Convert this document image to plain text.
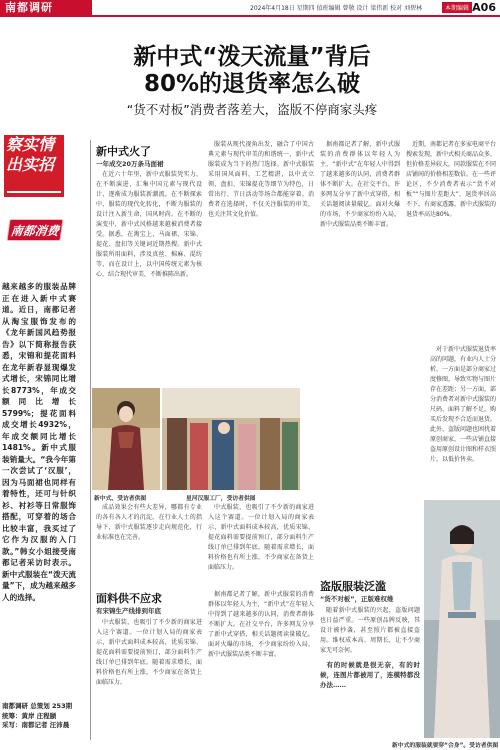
南都调研	2024年4月18日 星期四 值班编辑 曾敬 设计 梁伟新 校对 刘碧林	本期编辑 A06
新中式“泼天流量”背后
80%的退货率怎么破
“货不对板”消费者落差大，盗版不停商家头疼
察实情
出实招
南都消费
越来越多的服装品牌正在进入新中式赛道。近日，南都记者从淘宝服饰发布的《龙年新国风趋势报告》以下简称报告获悉，宋锦和提花面料在龙年新春显现爆发式增长，宋锦同比增长8773%，年成交额同比增长5799%；提花面料成交增长4932%，年成交额同比增长1481%。新中式服装销量大。“我今年第一次尝试了‘汉服’，因为马面裙也同样有着特性，还可与针织衫、衬衫等日常服饰搭配，可穿着的场合比较丰富，我买过了它作为汉服的入门款。”韩女小姐接受南都记者采访时表示。新中式服装在“泼天流量”下，成为越来越多人的选择。
南都调研 总策划 253期
统筹：黄岸 庄程颐
采写：南都记者 汪沛晨
新中式火了
一年成交20万条马面裙

在近六十年里，新中式服装凭实力，在不断演进，汇集中国元素与现代设计，逐渐成为服装新潮流。在不断探索中，服装的现代化转化，不断为服装的设计注入新生命，国风时尚。在不断的演变中，新中式风格越来越被消费者接受。据悉，在淘宝上，马面裙、宋锦、提花、盘扣等关键词近期热搜。新中式服装所用面料，涉及真丝、棉麻、混纺等，而在设计上，以中国传统元素为核心，结合现代审美，不断推陈出新。

服装从现代视角出发，融合了中国古典元素与现代审美的和谐统一，新中式服装成为当下的热门选择。新中式服装采用国风面料，工艺精湛，以中式立领、盘扣、宋锦提花等细节为特色，日常出行、节日活动等场合都能穿着。消费者在选择时，不仅关注服装的审美，也关注其文化价值。

据南都记者了解，新中式服装的消费群体以年轻人为主，“新中式”在年轻人中得到了越来越多的认同，消费者群体不断扩大。在社交平台，许多网友分享了新中式穿搭，相关话题阅读量破亿。面对火爆的市场，不少商家纷纷入局，新中式服装品类不断丰富。

近期，南都记者在多家电商平台搜索发现，新中式相关商品众多，但价格差异较大，同款服装在不同店铺间的价格相差数倍。在一些评论区，不少消费者表示“货不对板”“与图片差距大”，退货率居高不下。有商家透露，新中式服装的退货率高达80%。

对于新中式服装退货率高的问题，有业内人士分析，一方面是部分商家过度修图，导致实物与图片存在差距；另一方面，部分消费者对新中式服装的尺码、面料了解不足，购买后发现不合适而退货。此外，盗版问题也困扰着原创商家，一些店铺直接盗用原创设计图和样衣照片，以低价售卖。

新中式、受访者供图	星河汉服工厂，受访者供图

中式服装，也吸引了不少新的商家进入这个赛道。一位计划入局的商家表示，新中式面料成本较高，优质宋锦、提花面料需要提前预订，部分面料生产线订单已排到年底。随着需求增长，面料价格也有所上涨，不少商家在备货上面临压力。

成品效果会有些大差异，哪都有专业的各有各人才的沉淀。在行业人士的指导下，新中式服装逐步走向规范化，行业标准也在完善。

面料供不应求
有宋锦生产线排到年底

中式服装，也吸引了不少新的商家进入这个赛道。一位计划入局的商家表示，新中式面料成本较高，优质宋锦、提花面料需要提前预订，部分面料生产线订单已排到年底。随着需求增长，面料价格也有所上涨，不少商家在备货上面临压力。

据南都记者了解，新中式服装的消费群体以年轻人为主，“新中式”在年轻人中得到了越来越多的认同，消费者群体不断扩大。在社交平台，许多网友分享了新中式穿搭，相关话题阅读量破亿。面对火爆的市场，不少商家纷纷入局，新中式服装品类不断丰富。

盗版服装泛滥
“货不对板”，正版难权维

随着新中式服装的兴起，盗版问题也日益严重。一些原创品牌反映，其设计被抄袭，甚至照片都被直接盗用。维权成本高、周期长，让不少商家无可奈何。

有的时候就是很无奈，有的时候，连图片都被用了，连模特都没办法……

新中式的服装就要穿“合身”。受访者供图
